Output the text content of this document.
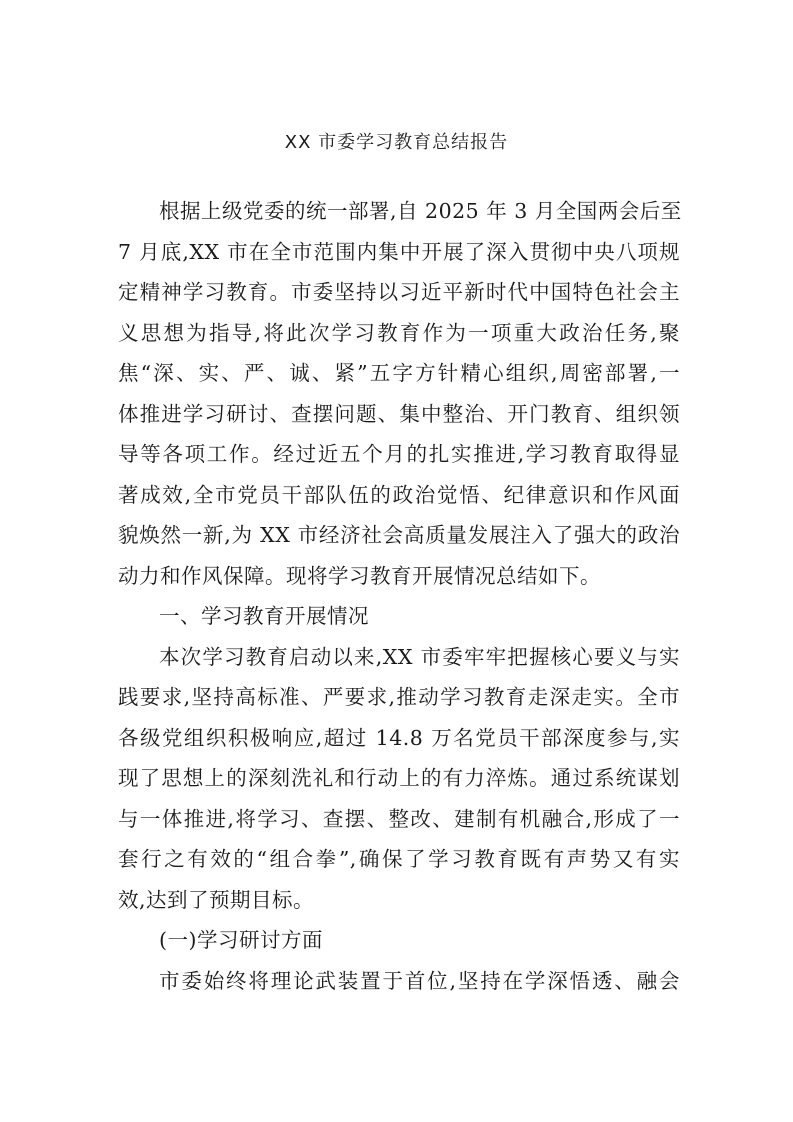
XX 市委学习教育总结报告
根据上级党委的统一部署,自 2025 年 3 月全国两会后至
7 月底,XX 市在全市范围内集中开展了深入贯彻中央八项规
定精神学习教育。市委坚持以习近平新时代中国特色社会主
义思想为指导,将此次学习教育作为一项重大政治任务,聚
焦“深、实、严、诚、紧”五字方针精心组织,周密部署,一
体推进学习研讨、查摆问题、集中整治、开门教育、组织领
导等各项工作。经过近五个月的扎实推进,学习教育取得显
著成效,全市党员干部队伍的政治觉悟、纪律意识和作风面
貌焕然一新,为 XX 市经济社会高质量发展注入了强大的政治
动力和作风保障。现将学习教育开展情况总结如下。
一、学习教育开展情况
本次学习教育启动以来,XX 市委牢牢把握核心要义与实
践要求,坚持高标准、严要求,推动学习教育走深走实。全市
各级党组织积极响应,超过 14.8 万名党员干部深度参与,实
现了思想上的深刻洗礼和行动上的有力淬炼。通过系统谋划
与一体推进,将学习、查摆、整改、建制有机融合,形成了一
套行之有效的“组合拳”,确保了学习教育既有声势又有实
效,达到了预期目标。
(一)学习研讨方面
市委始终将理论武装置于首位,坚持在学深悟透、融会
